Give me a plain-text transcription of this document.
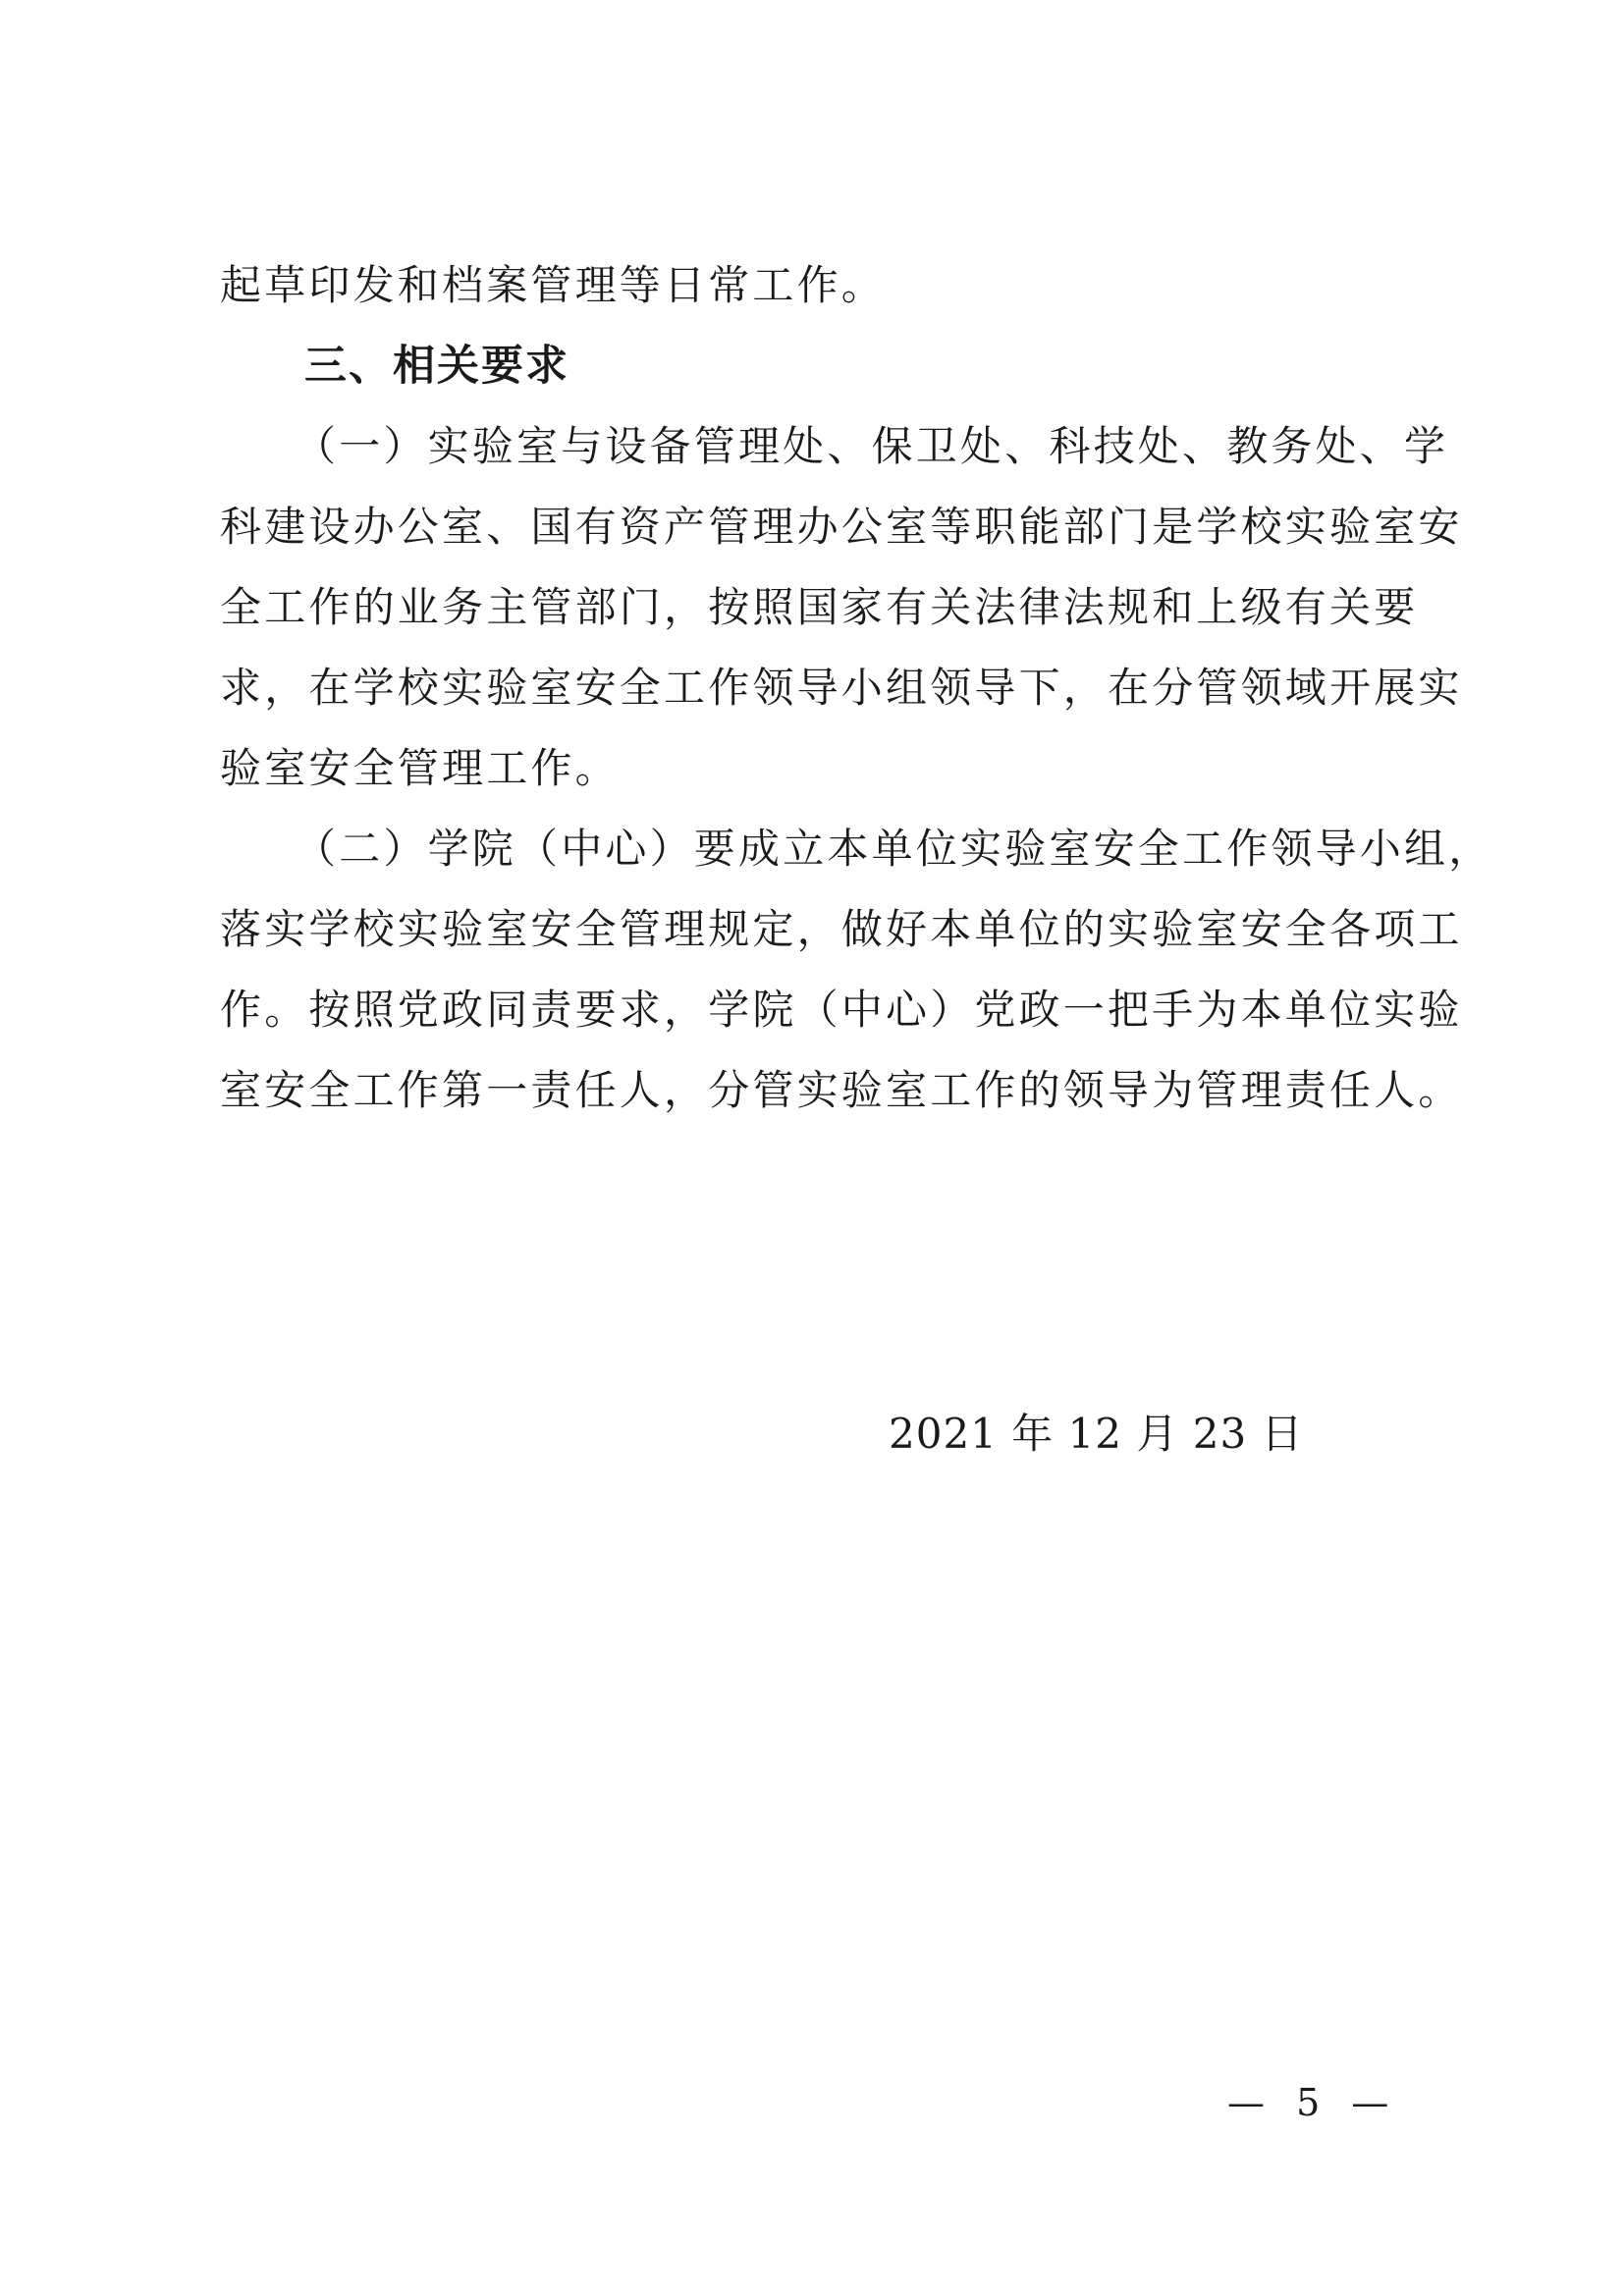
起草印发和档案管理等日常工作。
三、相关要求
（一）实验室与设备管理处、保卫处、科技处、教务处、学
科建设办公室、国有资产管理办公室等职能部门是学校实验室安
全工作的业务主管部门，按照国家有关法律法规和上级有关要
求，在学校实验室安全工作领导小组领导下，在分管领域开展实
验室安全管理工作。
（二）学院（中心）要成立本单位实验室安全工作领导小组，
落实学校实验室安全管理规定，做好本单位的实验室安全各项工
作。按照党政同责要求，学院（中心）党政一把手为本单位实验
室安全工作第一责任人，分管实验室工作的领导为管理责任人。
2021 年 12 月 23 日
— 5 —
